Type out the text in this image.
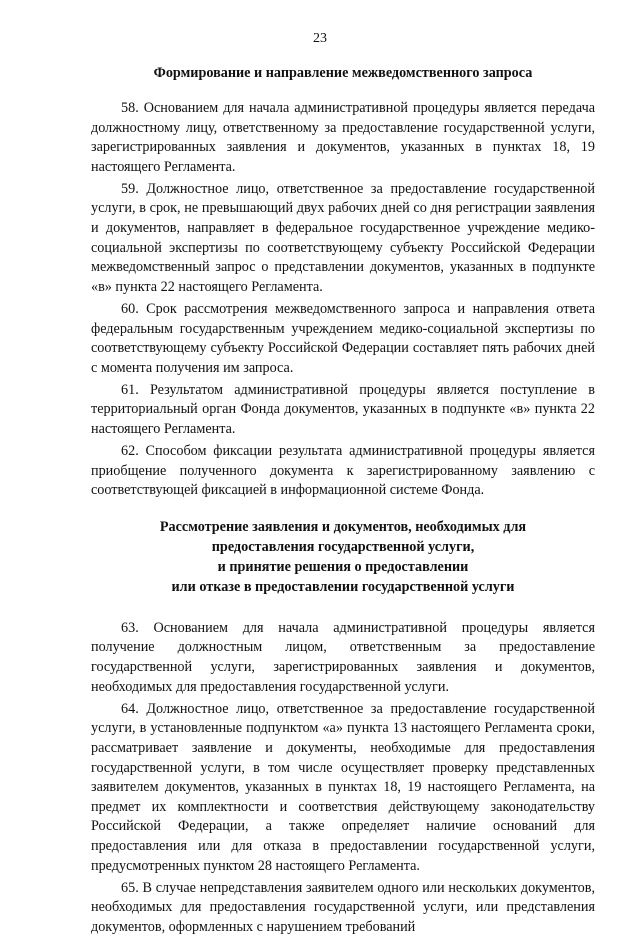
23
Формирование и направление межведомственного запроса

58. Основанием для начала административной процедуры является передача должностному лицу, ответственному за предоставление государственной услуги, зарегистрированных заявления и документов, указанных в пунктах 18, 19 настоящего Регламента.

59. Должностное лицо, ответственное за предоставление государственной услуги, в срок, не превышающий двух рабочих дней со дня регистрации заявления и документов, направляет в федеральное государственное учреждение медико-социальной экспертизы по соответствующему субъекту Российской Федерации межведомственный запрос о представлении документов, указанных в подпункте «в» пункта 22 настоящего Регламента.

60. Срок рассмотрения межведомственного запроса и направления ответа федеральным государственным учреждением медико-социальной экспертизы по соответствующему субъекту Российской Федерации составляет пять рабочих дней с момента получения им запроса.

61. Результатом административной процедуры является поступление в территориальный орган Фонда документов, указанных в подпункте «в» пункта 22 настоящего Регламента.

62. Способом фиксации результата административной процедуры является приобщение полученного документа к зарегистрированному заявлению с соответствующей фиксацией в информационной системе Фонда.

Рассмотрение заявления и документов, необходимых для
предоставления государственной услуги,
и принятие решения о предоставлении
или отказе в предоставлении государственной услуги

63. Основанием для начала административной процедуры является получение должностным лицом, ответственным за предоставление государственной услуги, зарегистрированных заявления и документов, необходимых для предоставления государственной услуги.

64. Должностное лицо, ответственное за предоставление государственной услуги, в установленные подпунктом «а» пункта 13 настоящего Регламента сроки, рассматривает заявление и документы, необходимые для предоставления государственной услуги, в том числе осуществляет проверку представленных заявителем документов, указанных в пунктах 18, 19 настоящего Регламента, на предмет их комплектности и соответствия действующему законодательству Российской Федерации, а также определяет наличие оснований для предоставления или для отказа в предоставлении государственной услуги, предусмотренных пунктом 28 настоящего Регламента.

65. В случае непредставления заявителем одного или нескольких документов, необходимых для предоставления государственной услуги, или представления документов, оформленных с нарушением требований
